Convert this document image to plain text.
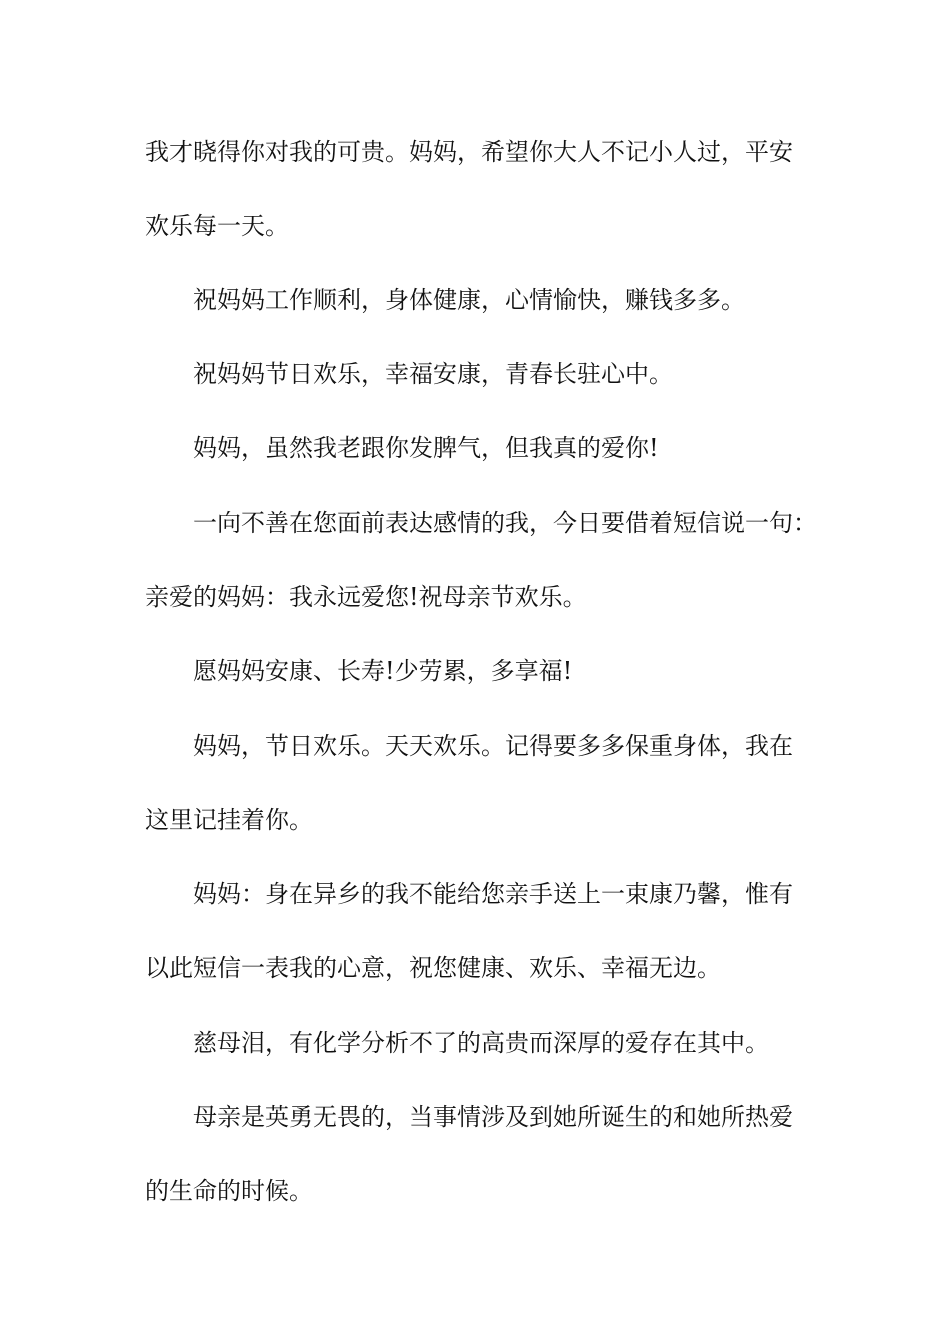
我才晓得你对我的可贵。妈妈，希望你大人不记小人过，平安
欢乐每一天。
祝妈妈工作顺利，身体健康，心情愉快，赚钱多多。
祝妈妈节日欢乐，幸福安康，青春长驻心中。
妈妈，虽然我老跟你发脾气，但我真的爱你!
一向不善在您面前表达感情的我，今日要借着短信说一句：
亲爱的妈妈：我永远爱您!祝母亲节欢乐。
愿妈妈安康、长寿!少劳累，多享福!
妈妈，节日欢乐。天天欢乐。记得要多多保重身体，我在
这里记挂着你。
妈妈：身在异乡的我不能给您亲手送上一束康乃馨，惟有
以此短信一表我的心意，祝您健康、欢乐、幸福无边。
慈母泪，有化学分析不了的高贵而深厚的爱存在其中。
母亲是英勇无畏的，当事情涉及到她所诞生的和她所热爱
的生命的时候。
